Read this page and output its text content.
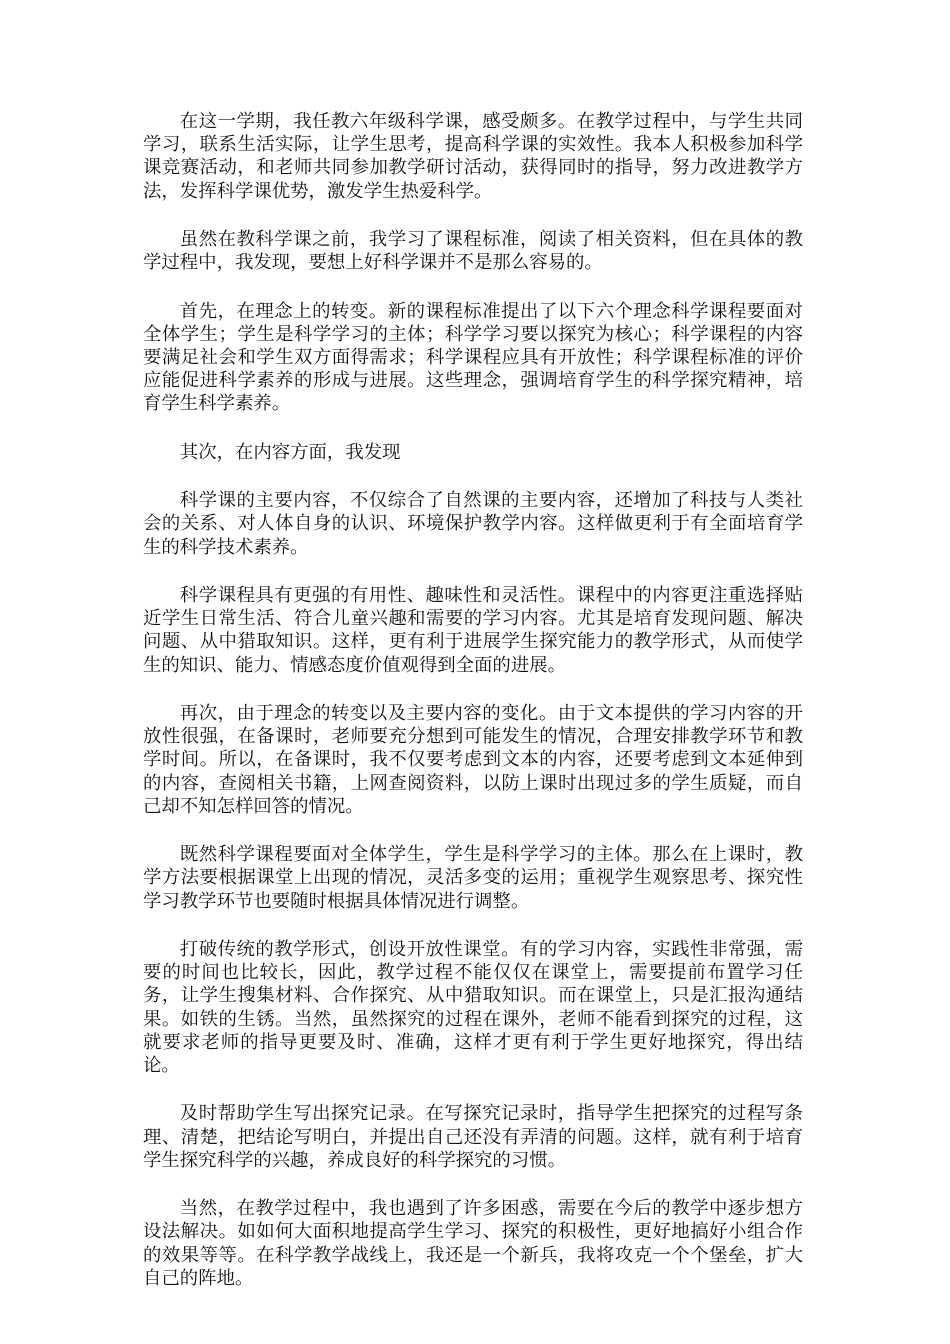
在这一学期，我任教六年级科学课，感受颇多。在教学过程中，与学生共同学习，联系生活实际，让学生思考，提高科学课的实效性。我本人积极参加科学课竞赛活动，和老师共同参加教学研讨活动，获得同时的指导，努力改进教学方法，发挥科学课优势，激发学生热爱科学。

虽然在教科学课之前，我学习了课程标准，阅读了相关资料，但在具体的教学过程中，我发现，要想上好科学课并不是那么容易的。

首先，在理念上的转变。新的课程标准提出了以下六个理念科学课程要面对全体学生；学生是科学学习的主体；科学学习要以探究为核心；科学课程的内容要满足社会和学生双方面得需求；科学课程应具有开放性；科学课程标准的评价应能促进科学素养的形成与进展。这些理念，强调培育学生的科学探究精神，培育学生科学素养。

其次，在内容方面，我发现

科学课的主要内容，不仅综合了自然课的主要内容，还增加了科技与人类社会的关系、对人体自身的认识、环境保护教学内容。这样做更利于有全面培育学生的科学技术素养。

科学课程具有更强的有用性、趣味性和灵活性。课程中的内容更注重选择贴近学生日常生活、符合儿童兴趣和需要的学习内容。尤其是培育发现问题、解决问题、从中猎取知识。这样，更有利于进展学生探究能力的教学形式，从而使学生的知识、能力、情感态度价值观得到全面的进展。

再次，由于理念的转变以及主要内容的变化。由于文本提供的学习内容的开放性很强，在备课时，老师要充分想到可能发生的情况，合理安排教学环节和教学时间。所以，在备课时，我不仅要考虑到文本的内容，还要考虑到文本延伸到的内容，查阅相关书籍，上网查阅资料，以防上课时出现过多的学生质疑，而自己却不知怎样回答的情况。

既然科学课程要面对全体学生，学生是科学学习的主体。那么在上课时，教学方法要根据课堂上出现的情况，灵活多变的运用；重视学生观察思考、探究性学习教学环节也要随时根据具体情况进行调整。

打破传统的教学形式，创设开放性课堂。有的学习内容，实践性非常强，需要的时间也比较长，因此，教学过程不能仅仅在课堂上，需要提前布置学习任务，让学生搜集材料、合作探究、从中猎取知识。而在课堂上，只是汇报沟通结果。如铁的生锈。当然，虽然探究的过程在课外，老师不能看到探究的过程，这就要求老师的指导更要及时、准确，这样才更有利于学生更好地探究，得出结论。

及时帮助学生写出探究记录。在写探究记录时，指导学生把探究的过程写条理、清楚，把结论写明白，并提出自己还没有弄清的问题。这样，就有利于培育学生探究科学的兴趣，养成良好的科学探究的习惯。

当然，在教学过程中，我也遇到了许多困惑，需要在今后的教学中逐步想方设法解决。如如何大面积地提高学生学习、探究的积极性，更好地搞好小组合作的效果等等。在科学教学战线上，我还是一个新兵，我将攻克一个个堡垒，扩大自己的阵地。
